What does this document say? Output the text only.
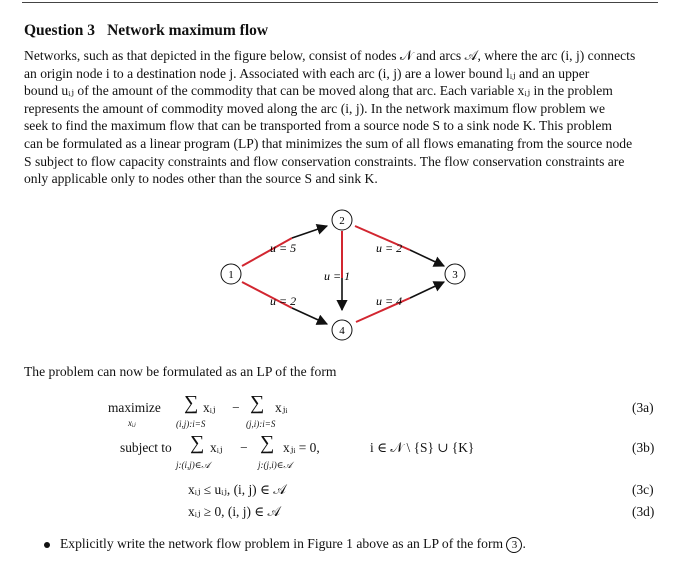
Question 3 Network maximum flow

Networks, such as that depicted in the figure below, consist of nodes 𝒩 and arcs 𝒜, where the arc (i, j) connects

an origin node i to a destination node j. Associated with each arc (i, j) are a lower bound lᵢⱼ and an upper

bound uᵢⱼ of the amount of the commodity that can be moved along that arc. Each variable xᵢⱼ in the problem

represents the amount of commodity moved along the arc (i, j). In the network maximum flow problem we

seek to find the maximum flow that can be transported from a source node S to a sink node K. This problem

can be formulated as a linear program (LP) that minimizes the sum of all flows emanating from the source node

S subject to flow capacity constraints and flow conservation constraints. The flow conservation constraints are

only applicable only to nodes other than the source S and sink K.

1
2
3
4
u = 5	u = 2
u = 1
u = 2	u = 4
The problem can now be formulated as an LP of the form
maximize
xᵢⱼ
∑ xᵢⱼ − ∑ xⱼᵢ
(i,j):i=S	(j,i):i=S
(3a)
subject to ∑ xᵢⱼ − ∑ xⱼᵢ = 0,	i ∈ 𝒩 \ {S} ∪ {K}
j:(i,j)∈𝒜	j:(j,i)∈𝒜
(3b)
xᵢⱼ ≤ uᵢⱼ, (i, j) ∈ 𝒜	(3c)
xᵢⱼ ≥ 0, (i, j) ∈ 𝒜	(3d)
Explicitly write the network flow problem in Figure 1 above as an LP of the form 3 .
